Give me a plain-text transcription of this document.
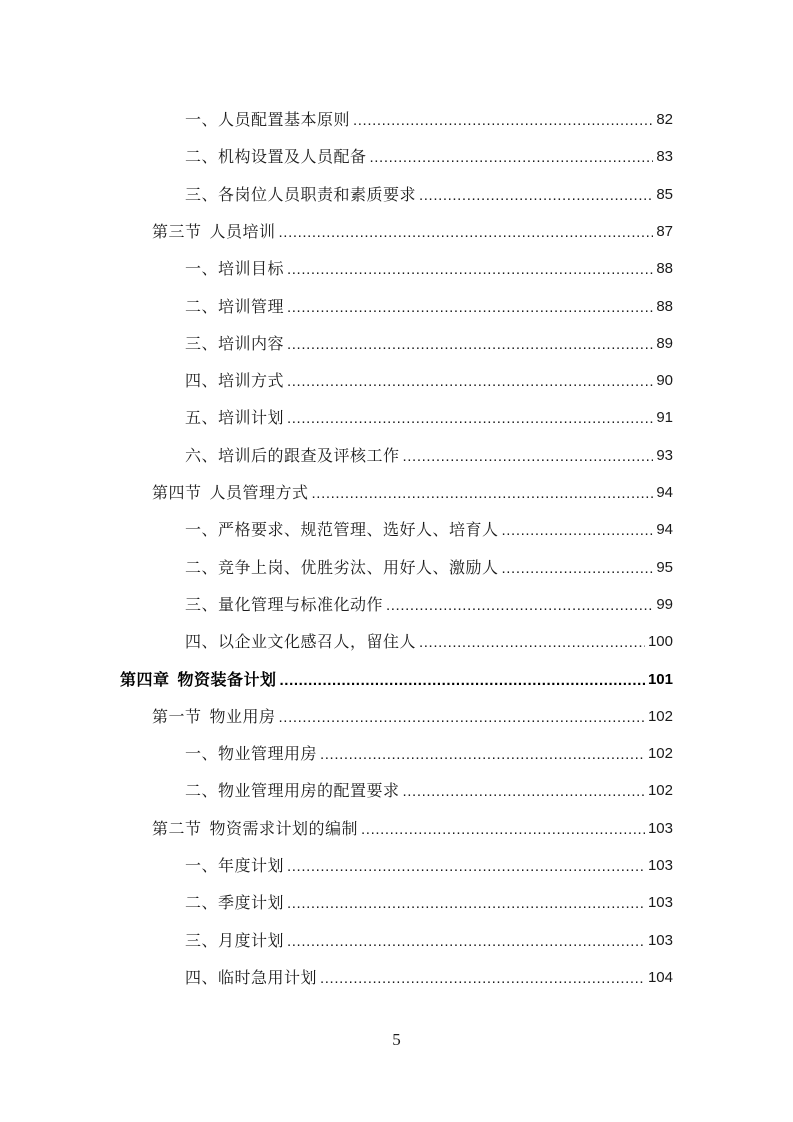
一、人员配置基本原则 .....	82
二、机构设置及人员配备 .....	83
三、各岗位人员职责和素质要求 .....	85
第三节 人员培训 .....	87
一、培训目标 .....	88
二、培训管理 .....	88
三、培训内容 .....	89
四、培训方式 .....	90
五、培训计划 .....	91
六、培训后的跟查及评核工作 .....	93
第四节 人员管理方式 .....	94
一、严格要求、规范管理、选好人、培育人 .....	94
二、竞争上岗、优胜劣汰、用好人、激励人 .....	95
三、量化管理与标准化动作 .....	99
四、以企业文化感召人，留住人 .....	100
第四章 物资装备计划 .....	101
第一节 物业用房 .....	102
一、物业管理用房 .....	102
二、物业管理用房的配置要求 .....	102
第二节 物资需求计划的编制 .....	103
一、年度计划 .....	103
二、季度计划 .....	103
三、月度计划 .....	103
四、临时急用计划 .....	104
5
